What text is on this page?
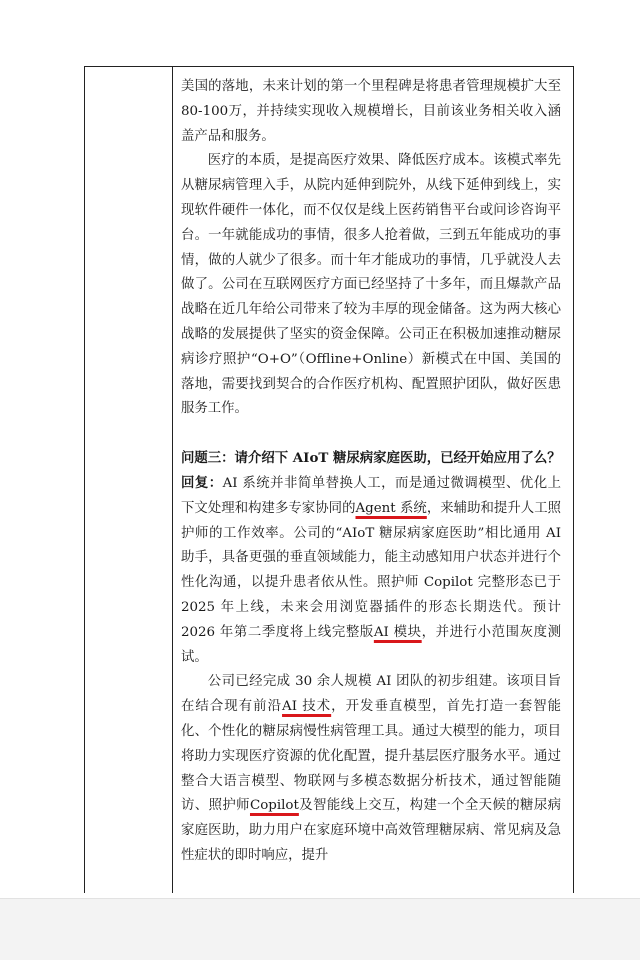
美国的落地，未来计划的第一个里程碑是将患者管理规模扩大至80-100万，并持续实现收入规模增长，目前该业务相关收入涵盖产品和服务。

医疗的本质，是提高医疗效果、降低医疗成本。该模式率先从糖尿病管理入手，从院内延伸到院外，从线下延伸到线上，实现软件硬件一体化，而不仅仅是线上医药销售平台或问诊咨询平台。一年就能成功的事情，很多人抢着做，三到五年能成功的事情，做的人就少了很多。而十年才能成功的事情，几乎就没人去做了。公司在互联网医疗方面已经坚持了十多年，而且爆款产品战略在近几年给公司带来了较为丰厚的现金储备。这为两大核心战略的发展提供了坚实的资金保障。公司正在积极加速推动糖尿病诊疗照护“O+O”（Offline+Online）新模式在中国、美国的落地，需要找到契合的合作医疗机构、配置照护团队，做好医患服务工作。

问题三：请介绍下 AIoT 糖尿病家庭医助，已经开始应用了么？

回复：AI 系统并非简单替换人工，而是通过微调模型、优化上下文处理和构建多专家协同的Agent 系统，来辅助和提升人工照护师的工作效率。公司的“AIoT 糖尿病家庭医助”相比通用 AI 助手，具备更强的垂直领域能力，能主动感知用户状态并进行个性化沟通，以提升患者依从性。照护师 Copilot 完整形态已于 2025 年上线，未来会用浏览器插件的形态长期迭代。预计 2026 年第二季度将上线完整版AI 模块，并进行小范围灰度测试。

公司已经完成 30 余人规模 AI 团队的初步组建。该项目旨在结合现有前沿AI 技术，开发垂直模型，首先打造一套智能化、个性化的糖尿病慢性病管理工具。通过大模型的能力，项目将助力实现医疗资源的优化配置，提升基层医疗服务水平。通过整合大语言模型、物联网与多模态数据分析技术，通过智能随访、照护师Copilot及智能线上交互，构建一个全天候的糖尿病家庭医助，助力用户在家庭环境中高效管理糖尿病、常见病及急性症状的即时响应，提升
